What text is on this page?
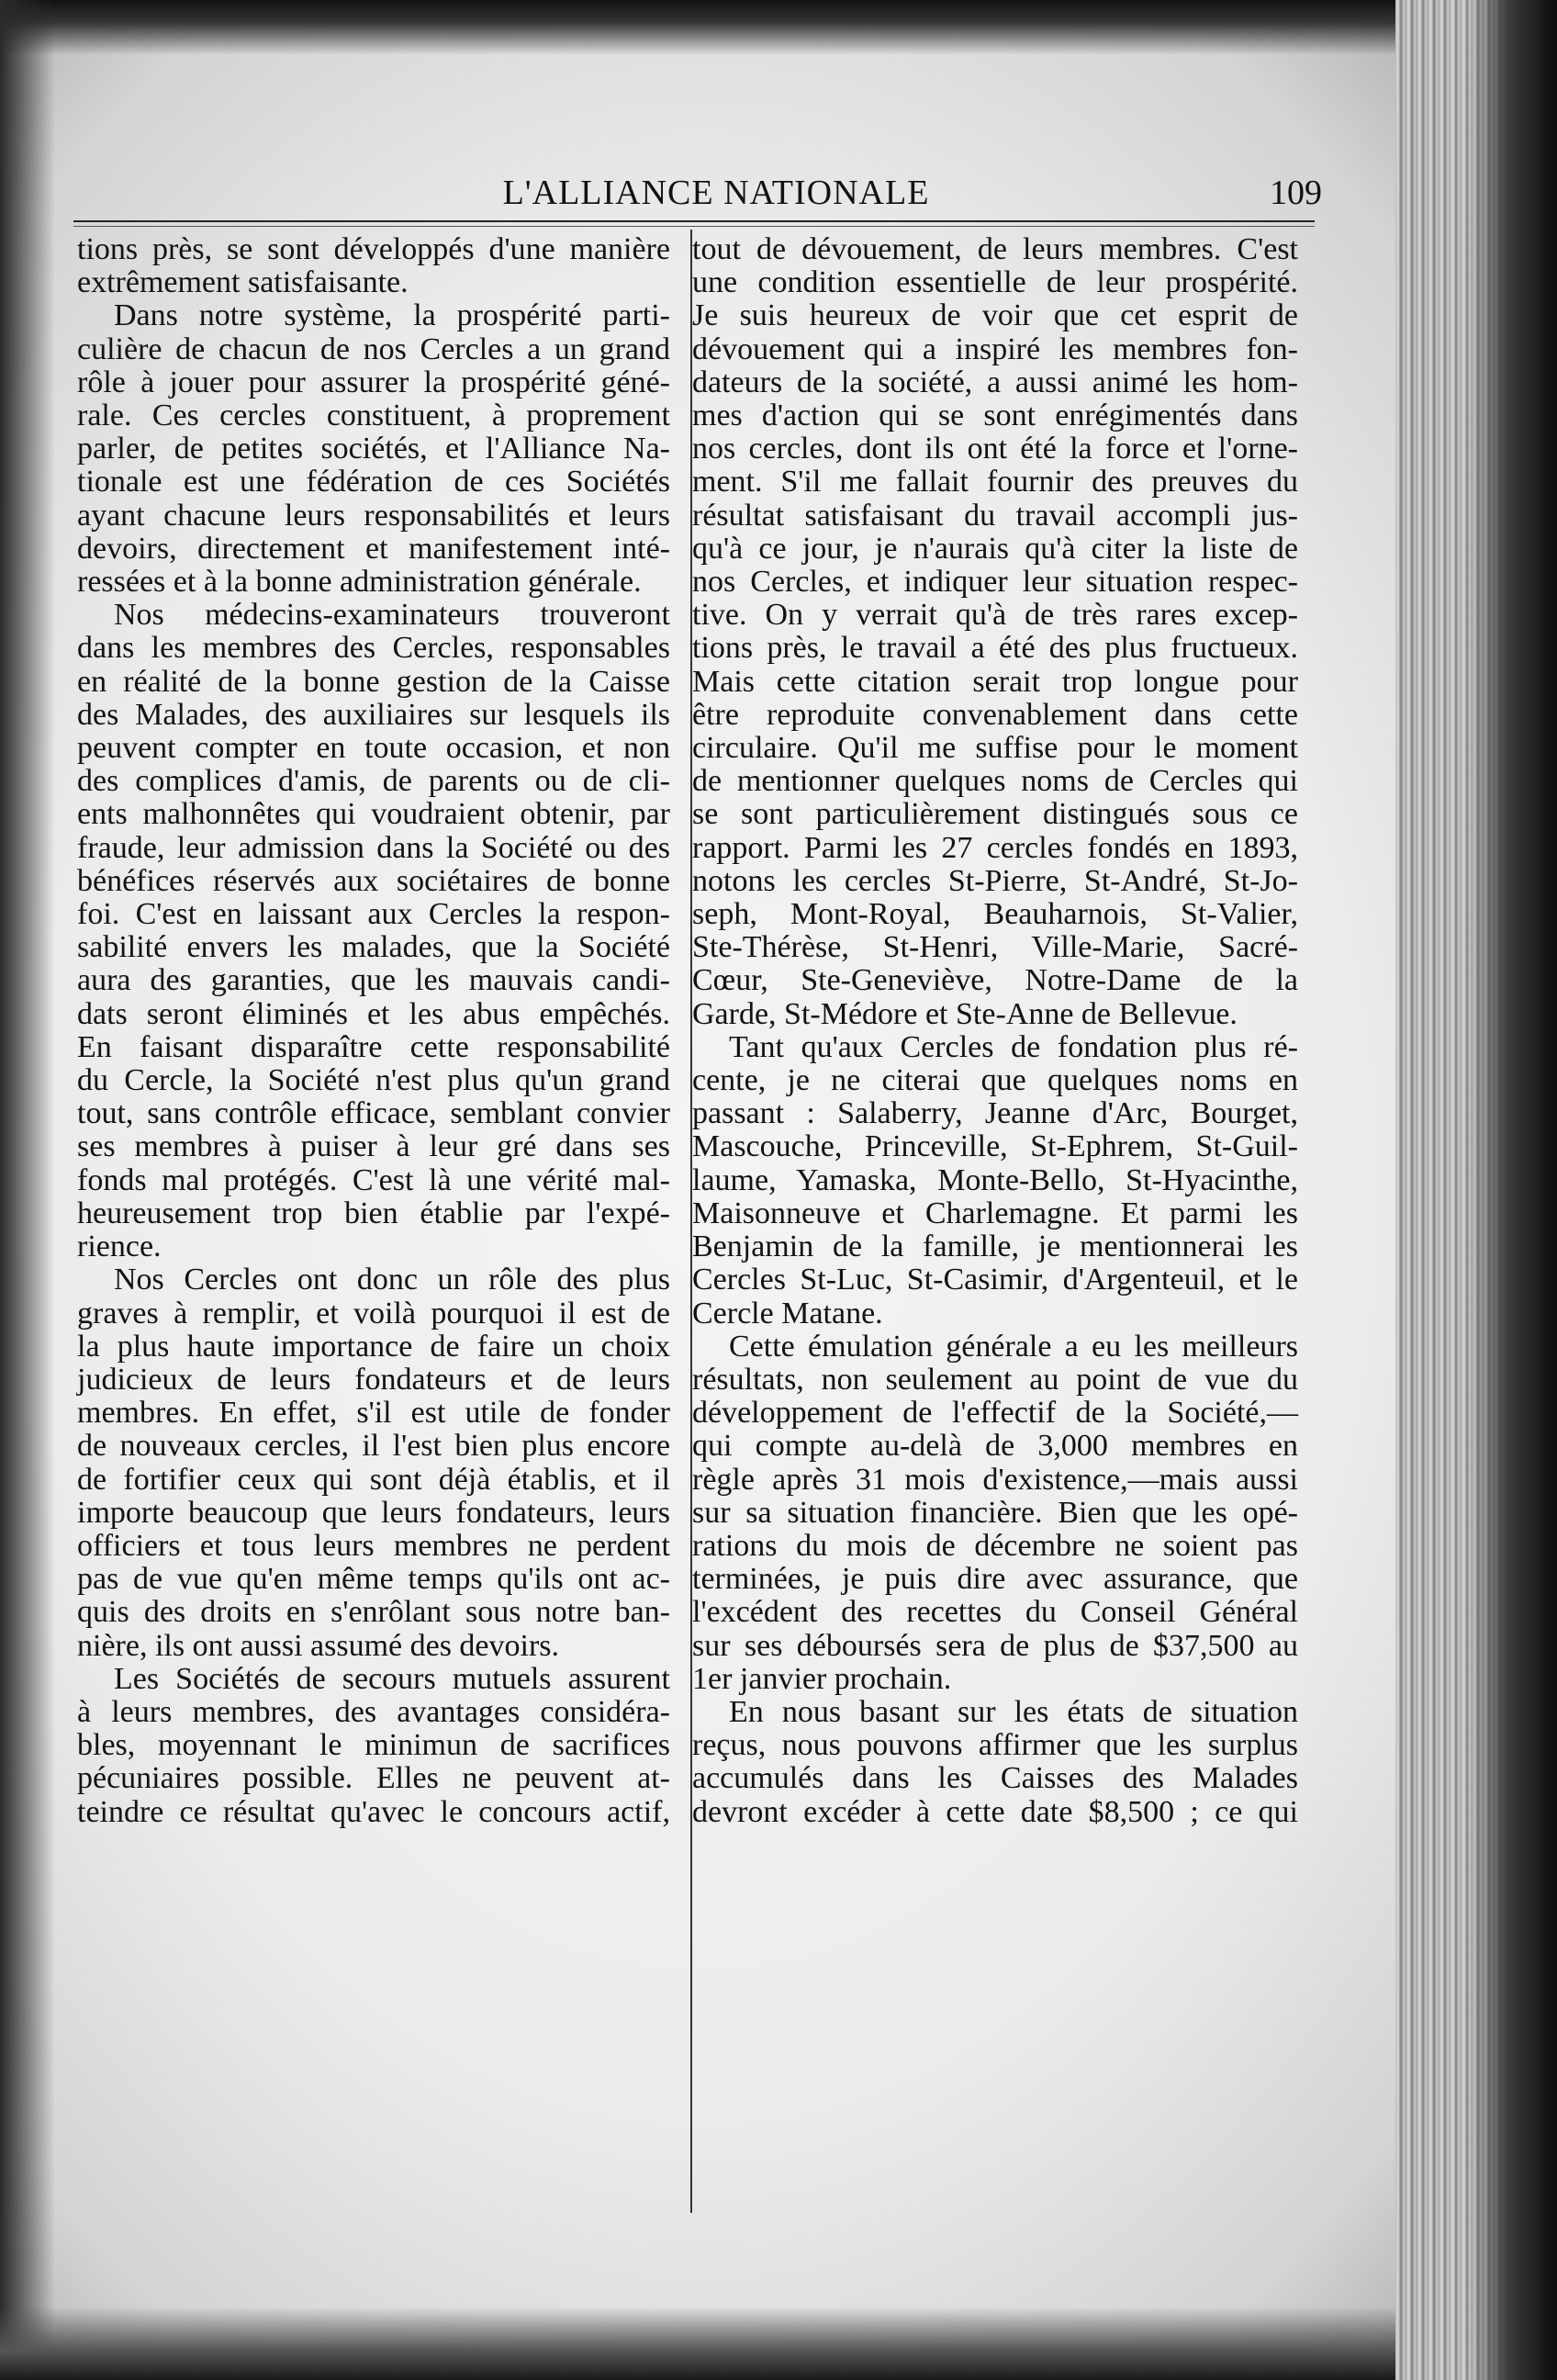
L'ALLIANCE NATIONALE	109
tions près, se sont développés d'une manière
extrêmement satisfaisante.
Dans notre système, la prospérité parti-
culière de chacun de nos Cercles a un grand
rôle à jouer pour assurer la prospérité géné-
rale. Ces cercles constituent, à proprement
parler, de petites sociétés, et l'Alliance Na-
tionale est une fédération de ces Sociétés
ayant chacune leurs responsabilités et leurs
devoirs, directement et manifestement inté-
ressées et à la bonne administration générale.
Nos médecins-examinateurs trouveront
dans les membres des Cercles, responsables
en réalité de la bonne gestion de la Caisse
des Malades, des auxiliaires sur lesquels ils
peuvent compter en toute occasion, et non
des complices d'amis, de parents ou de cli-
ents malhonnêtes qui voudraient obtenir, par
fraude, leur admission dans la Société ou des
bénéfices réservés aux sociétaires de bonne
foi. C'est en laissant aux Cercles la respon-
sabilité envers les malades, que la Société
aura des garanties, que les mauvais candi-
dats seront éliminés et les abus empêchés.
En faisant disparaître cette responsabilité
du Cercle, la Société n'est plus qu'un grand
tout, sans contrôle efficace, semblant convier
ses membres à puiser à leur gré dans ses
fonds mal protégés. C'est là une vérité mal-
heureusement trop bien établie par l'expé-
rience.
Nos Cercles ont donc un rôle des plus
graves à remplir, et voilà pourquoi il est de
la plus haute importance de faire un choix
judicieux de leurs fondateurs et de leurs
membres. En effet, s'il est utile de fonder
de nouveaux cercles, il l'est bien plus encore
de fortifier ceux qui sont déjà établis, et il
importe beaucoup que leurs fondateurs, leurs
officiers et tous leurs membres ne perdent
pas de vue qu'en même temps qu'ils ont ac-
quis des droits en s'enrôlant sous notre ban-
nière, ils ont aussi assumé des devoirs.
Les Sociétés de secours mutuels assurent
à leurs membres, des avantages considéra-
bles, moyennant le minimun de sacrifices
pécuniaires possible. Elles ne peuvent at-
teindre ce résultat qu'avec le concours actif,
tout de dévouement, de leurs membres. C'est
une condition essentielle de leur prospérité.
Je suis heureux de voir que cet esprit de
dévouement qui a inspiré les membres fon-
dateurs de la société, a aussi animé les hom-
mes d'action qui se sont enrégimentés dans
nos cercles, dont ils ont été la force et l'orne-
ment. S'il me fallait fournir des preuves du
résultat satisfaisant du travail accompli jus-
qu'à ce jour, je n'aurais qu'à citer la liste de
nos Cercles, et indiquer leur situation respec-
tive. On y verrait qu'à de très rares excep-
tions près, le travail a été des plus fructueux.
Mais cette citation serait trop longue pour
être reproduite convenablement dans cette
circulaire. Qu'il me suffise pour le moment
de mentionner quelques noms de Cercles qui
se sont particulièrement distingués sous ce
rapport. Parmi les 27 cercles fondés en 1893,
notons les cercles St-Pierre, St-André, St-Jo-
seph, Mont-Royal, Beauharnois, St-Valier,
Ste-Thérèse, St-Henri, Ville-Marie, Sacré-
Cœur, Ste-Geneviève, Notre-Dame de la
Garde, St-Médore et Ste-Anne de Bellevue.
Tant qu'aux Cercles de fondation plus ré-
cente, je ne citerai que quelques noms en
passant : Salaberry, Jeanne d'Arc, Bourget,
Mascouche, Princeville, St-Ephrem, St-Guil-
laume, Yamaska, Monte-Bello, St-Hyacinthe,
Maisonneuve et Charlemagne. Et parmi les
Benjamin de la famille, je mentionnerai les
Cercles St-Luc, St-Casimir, d'Argenteuil, et le
Cercle Matane.
Cette émulation générale a eu les meilleurs
résultats, non seulement au point de vue du
développement de l'effectif de la Société,—
qui compte au-delà de 3,000 membres en
règle après 31 mois d'existence,—mais aussi
sur sa situation financière. Bien que les opé-
rations du mois de décembre ne soient pas
terminées, je puis dire avec assurance, que
l'excédent des recettes du Conseil Général
sur ses déboursés sera de plus de $37,500 au
1er janvier prochain.
En nous basant sur les états de situation
reçus, nous pouvons affirmer que les surplus
accumulés dans les Caisses des Malades
devront excéder à cette date $8,500 ; ce qui
